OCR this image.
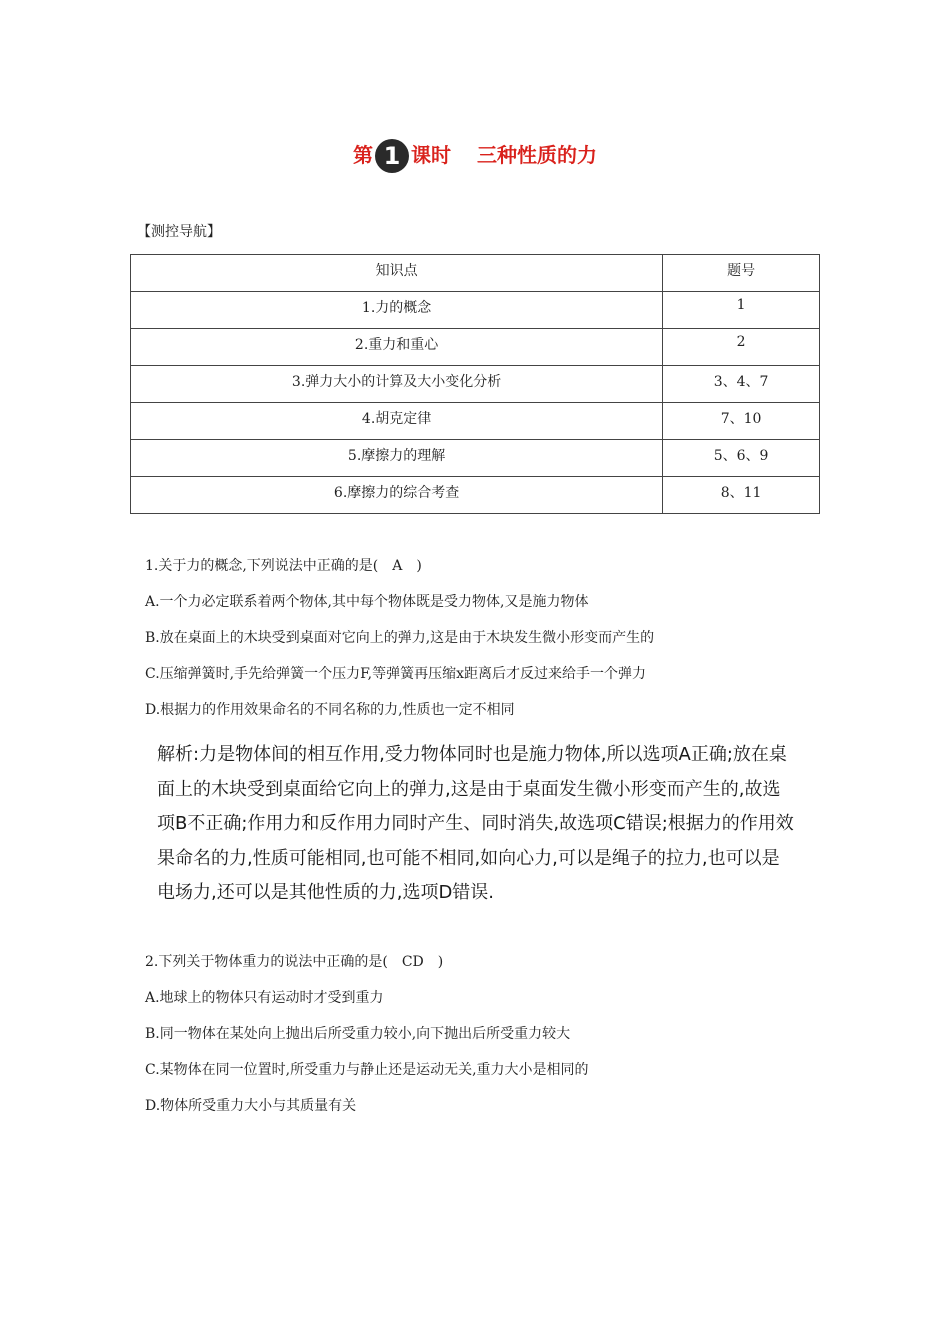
第 1 课时 三种性质的力
【测控导航】
知识点	题号
1.力的概念	1
2.重力和重心	2
3.弹力大小的计算及大小变化分析	3、4、7
4.胡克定律	7、10
5.摩擦力的理解	5、6、9
6.摩擦力的综合考查	8、11
1.关于力的概念,下列说法中正确的是(　A　)
A.一个力必定联系着两个物体,其中每个物体既是受力物体,又是施力物体
B.放在桌面上的木块受到桌面对它向上的弹力,这是由于木块发生微小形变而产生的
C.压缩弹簧时,手先给弹簧一个压力F,等弹簧再压缩x距离后才反过来给手一个弹力
D.根据力的作用效果命名的不同名称的力,性质也一定不相同
解析:力是物体间的相互作用,受力物体同时也是施力物体,所以选项A正确;放在桌面上的木块受到桌面给它向上的弹力,这是由于桌面发生微小形变而产生的,故选项B不正确;作用力和反作用力同时产生、同时消失,故选项C错误;根据力的作用效果命名的力,性质可能相同,也可能不相同,如向心力,可以是绳子的拉力,也可以是电场力,还可以是其他性质的力,选项D错误.
2.下列关于物体重力的说法中正确的是(　CD　)
A.地球上的物体只有运动时才受到重力
B.同一物体在某处向上抛出后所受重力较小,向下抛出后所受重力较大
C.某物体在同一位置时,所受重力与静止还是运动无关,重力大小是相同的
D.物体所受重力大小与其质量有关
